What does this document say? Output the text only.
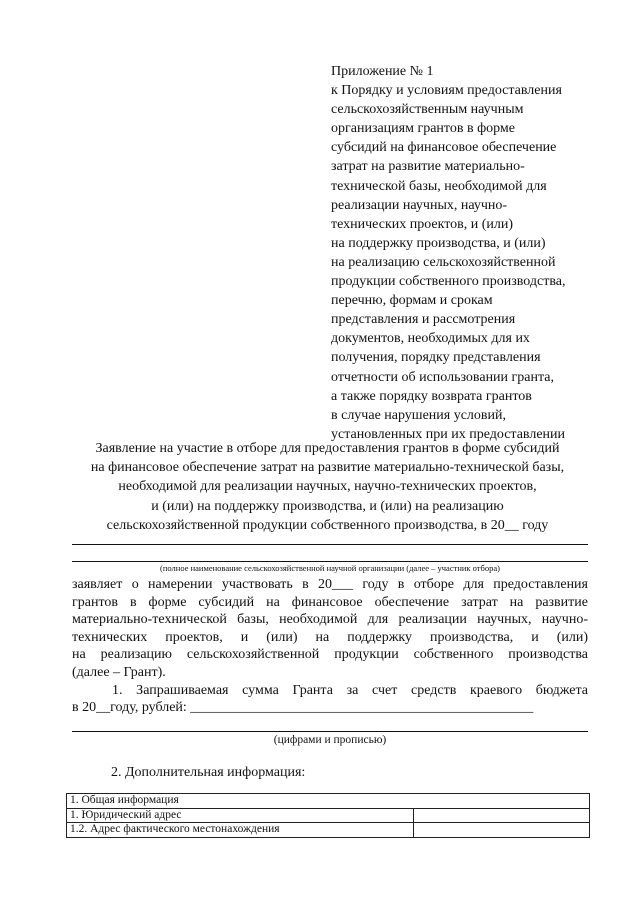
Приложение № 1
к Порядку и условиям предоставления
сельскохозяйственным научным
организациям грантов в форме
субсидий на финансовое обеспечение
затрат на развитие материально-
технической базы, необходимой для
реализации научных, научно-
технических проектов, и (или)
на поддержку производства, и (или)
на реализацию сельскохозяйственной
продукции собственного производства,
перечню, формам и срокам
представления и рассмотрения
документов, необходимых для их
получения, порядку представления
отчетности об использовании гранта,
а также порядку возврата грантов
в случае нарушения условий,
установленных при их предоставлении
Заявление на участие в отборе для предоставления грантов в форме субсидий
на финансовое обеспечение затрат на развитие материально-технической базы,
необходимой для реализации научных, научно-технических проектов,
и (или) на поддержку производства, и (или) на реализацию
сельскохозяйственной продукции собственного производства, в 20__ году
(полное наименование сельскохозяйственной научной организации (далее – участник отбора)
заявляет о намерении участвовать в 20___ году в отборе для предоставления
грантов в форме субсидий на финансовое обеспечение затрат на развитие
материально-технической базы, необходимой для реализации научных, научно-
технических проектов, и (или) на поддержку производства, и (или)
на реализацию сельскохозяйственной продукции собственного производства
(далее – Грант).
1. Запрашиваемая сумма Гранта за счет средств краевого бюджета
в 20__году, рублей: _________________________________________________
(цифрами и прописью)
2. Дополнительная информация:
1. Общая информация	
1. Юридический адрес	
1.2. Адрес фактического местонахождения	
